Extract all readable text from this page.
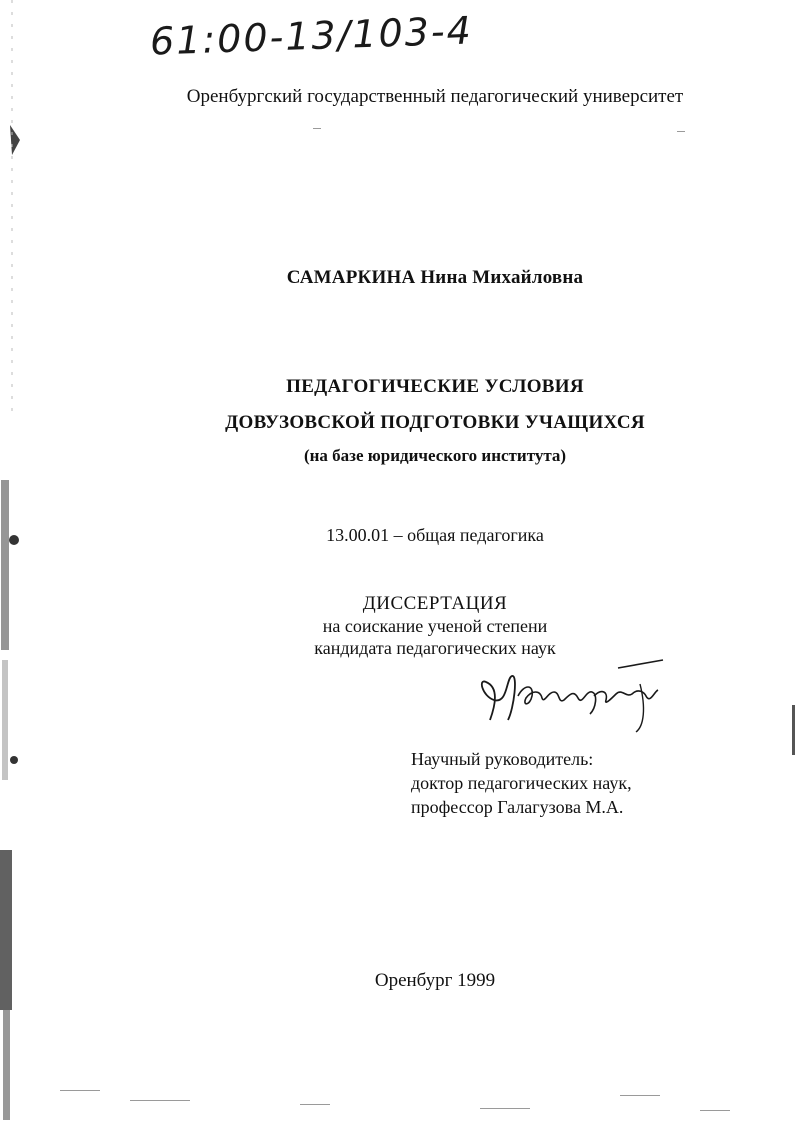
61:00-13/103-4
Оренбургский государственный педагогический университет
САМАРКИНА Нина Михайловна
ПЕДАГОГИЧЕСКИЕ УСЛОВИЯ
ДОВУЗОВСКОЙ ПОДГОТОВКИ УЧАЩИХСЯ
(на базе юридического института)
13.00.01 – общая педагогика
ДИССЕРТАЦИЯ
на соискание ученой степени
кандидата педагогических наук
Научный руководитель:
доктор педагогических наук,
профессор Галагузова М.А.
Оренбург 1999
